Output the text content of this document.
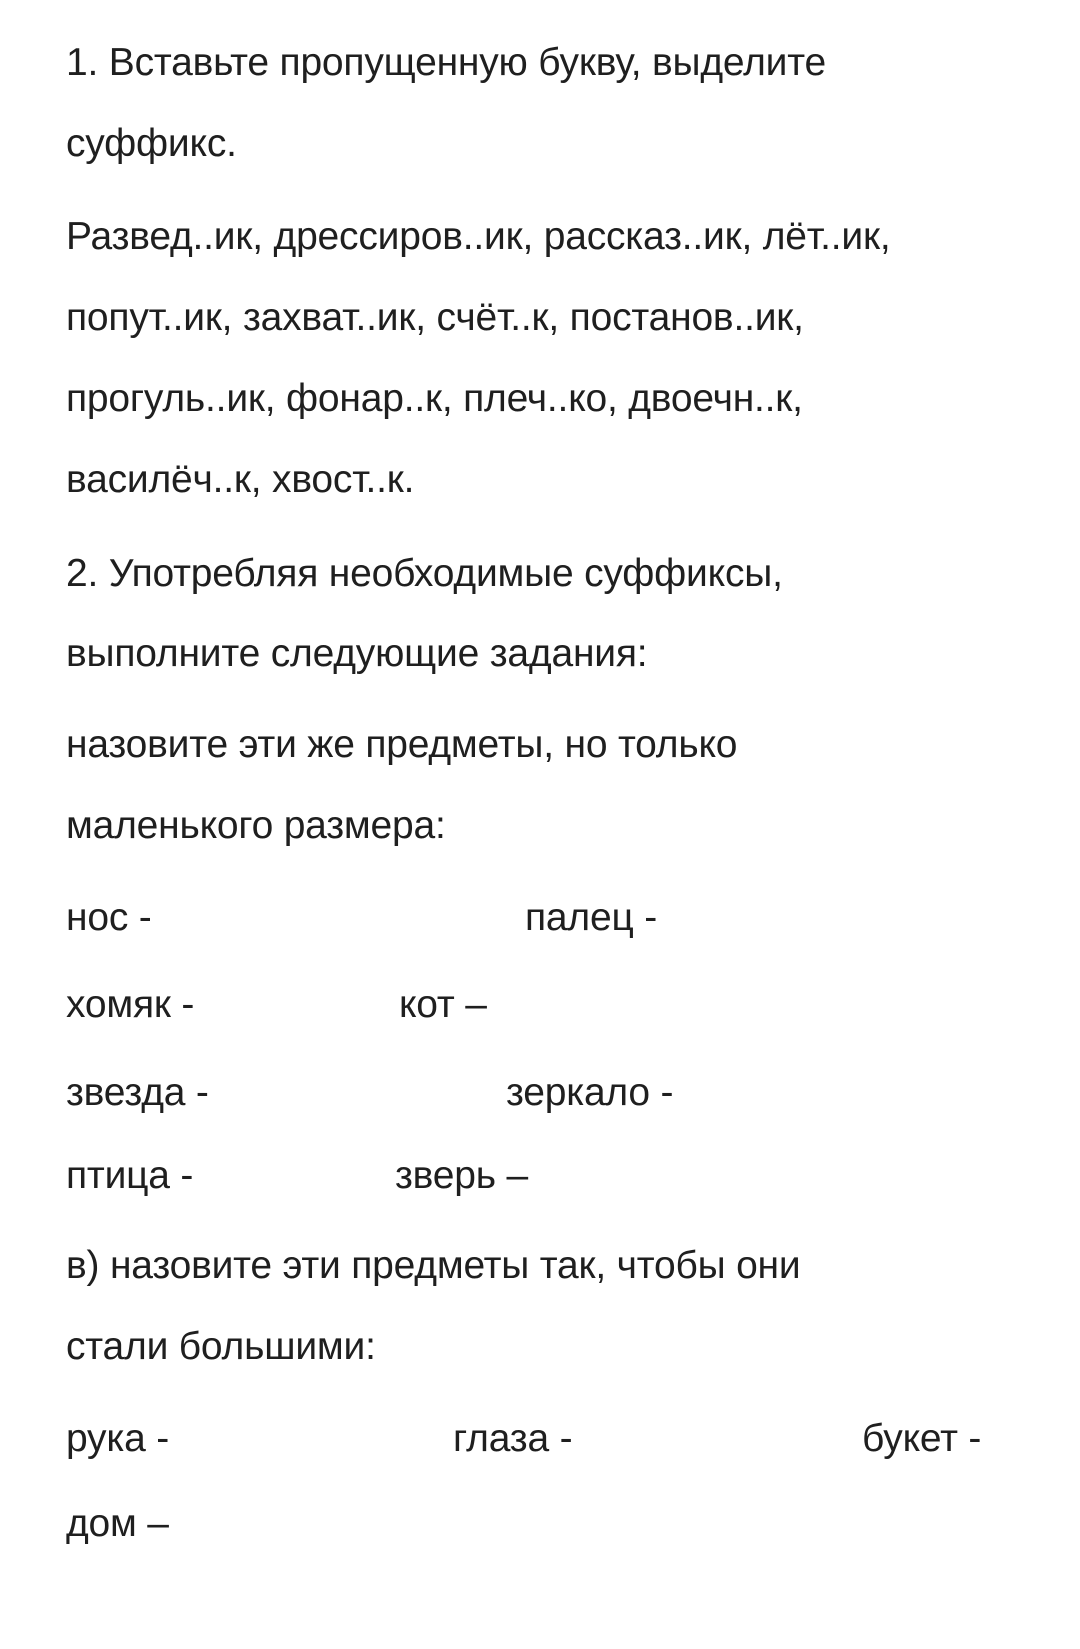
1. Вставьте пропущенную букву, выделите
суффикс.
Развед..ик, дрессиров..ик, рассказ..ик, лёт..ик,
попут..ик, захват..ик, счёт..к, постанов..ик,
прогуль..ик, фонар..к, плеч..ко, двоечн..к,
василёч..к, хвост..к.
2. Употребляя необходимые суффиксы,
выполните следующие задания:
назовите эти же предметы, но только
маленького размера:
нос -	палец -
хомяк -	кот –
звезда -	зеркало -
птица -	зверь –
в) назовите эти предметы так, чтобы они
стали большими:
рука -	глаза -	букет -
дом –
